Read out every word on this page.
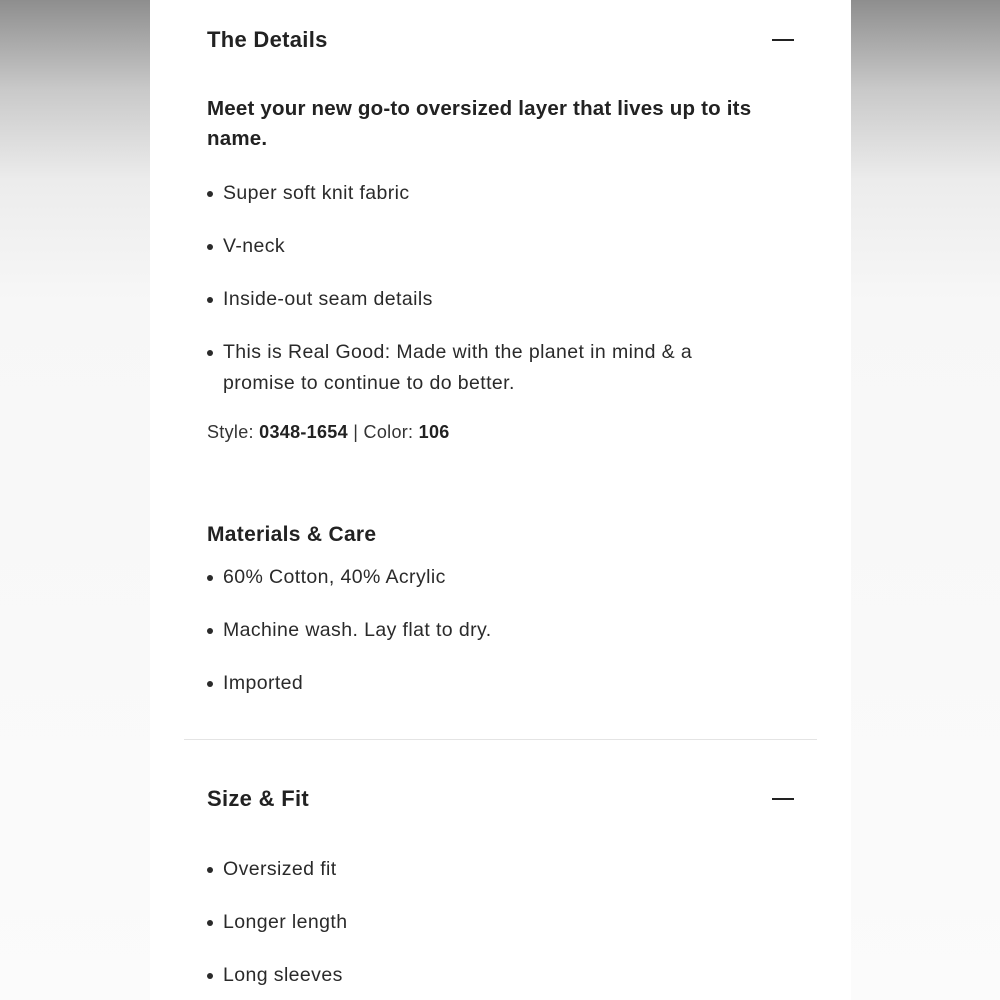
The Details
Meet your new go-to oversized layer that lives up to its name.
Super soft knit fabric
V-neck
Inside-out seam details
This is Real Good: Made with the planet in mind & a promise to continue to do better.
Style: 0348-1654 | Color: 106
Materials & Care
60% Cotton, 40% Acrylic
Machine wash. Lay flat to dry.
Imported
Size & Fit
Oversized fit
Longer length
Long sleeves
